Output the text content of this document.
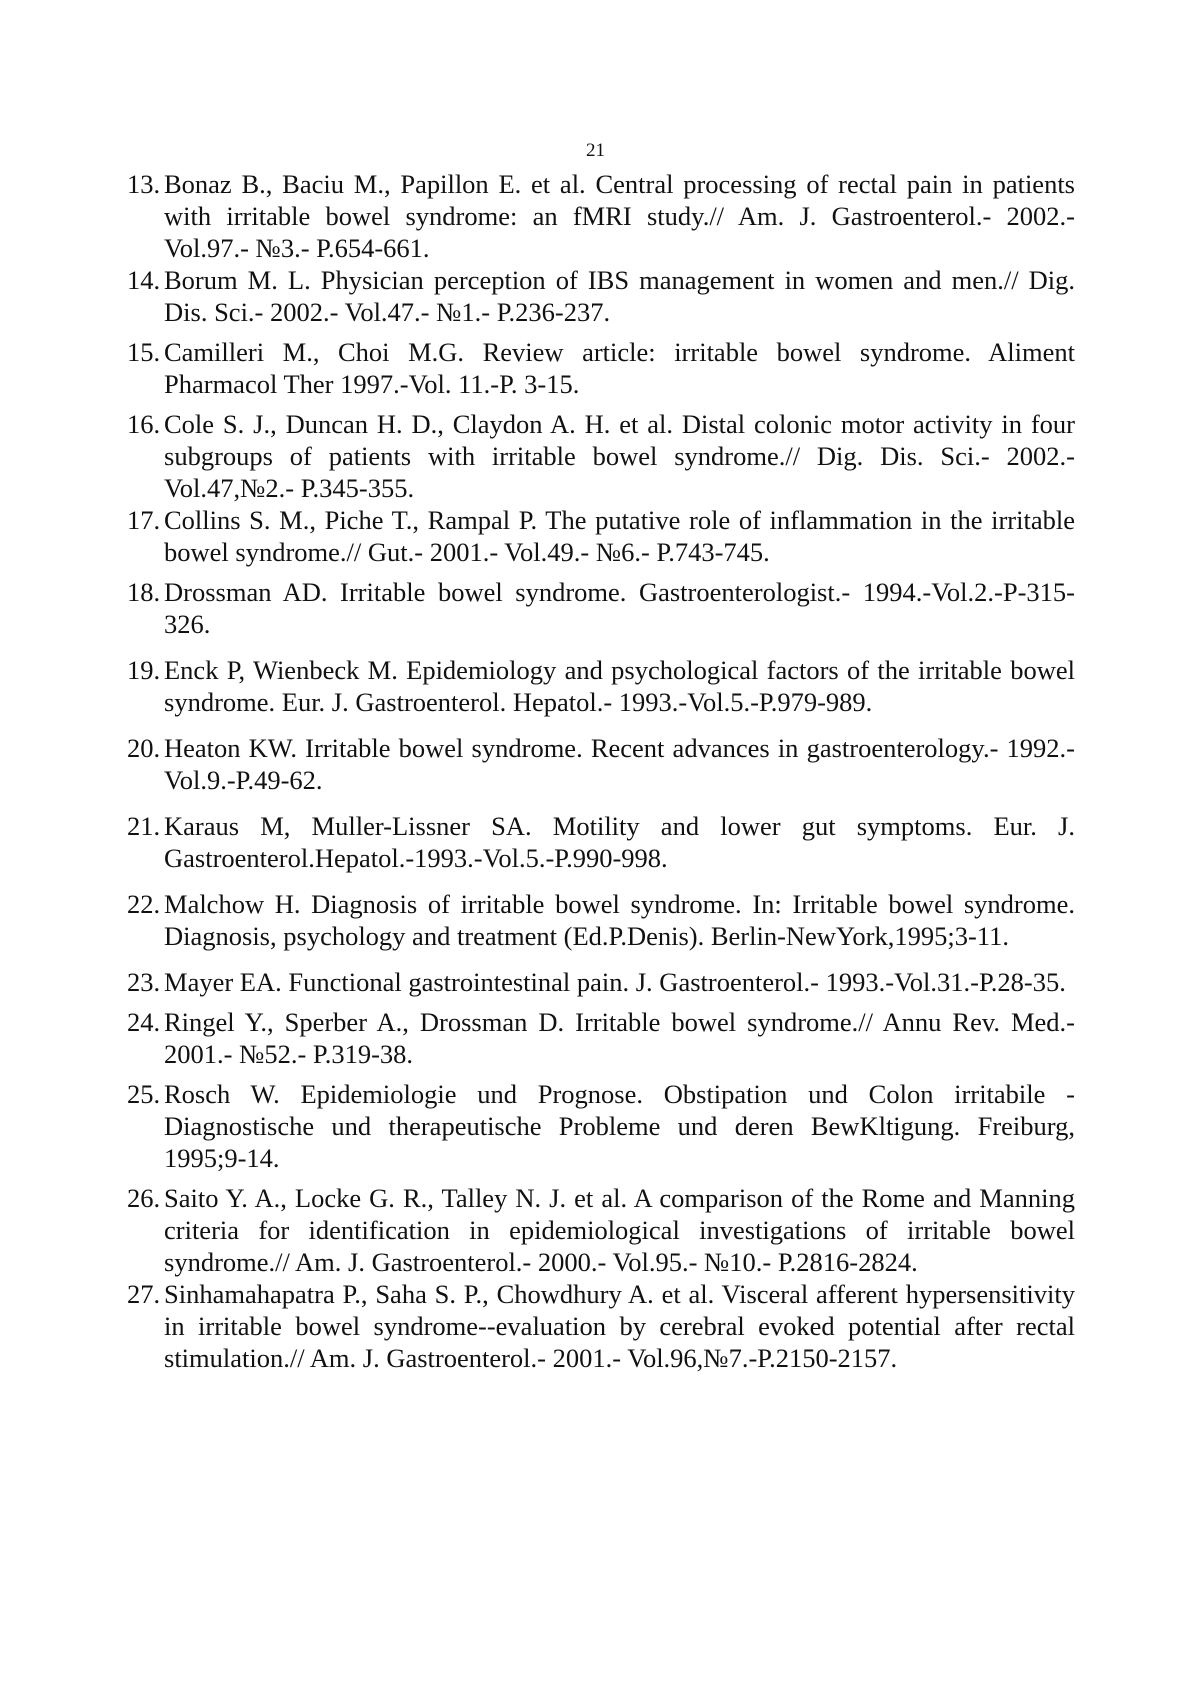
21
13. Bonaz B., Baciu M., Papillon E. et al. Central processing of rectal pain in patients with irritable bowel syndrome: an fMRI study.// Am. J. Gastroenterol.- 2002.- Vol.97.- №3.- P.654-661.
14. Borum M. L. Physician perception of IBS management in women and men.// Dig. Dis. Sci.- 2002.- Vol.47.- №1.- P.236-237.
15. Camilleri M., Choi M.G. Review article: irritable bowel syndrome. Aliment Pharmacol Ther 1997.-Vol. 11.-P. 3-15.
16. Cole S. J., Duncan H. D., Claydon A. H. et al. Distal colonic motor activity in four subgroups of patients with irritable bowel syndrome.// Dig. Dis. Sci.- 2002.- Vol.47,№2.- P.345-355.
17. Collins S. M., Piche T., Rampal P. The putative role of inflammation in the irritable bowel syndrome.// Gut.- 2001.- Vol.49.- №6.- P.743-745.
18. Drossman AD. Irritable bowel syndrome. Gastroenterologist.- 1994.-Vol.2.-P-315-326.
19. Enck P, Wienbeck M. Epidemiology and psychological factors of the irritable bowel syndrome. Eur. J. Gastroenterol. Hepatol.- 1993.-Vol.5.-P.979-989.
20. Heaton KW. Irritable bowel syndrome. Recent advances in gastroenterology.- 1992.-Vol.9.-P.49-62.
21. Karaus M, Muller-Lissner SA. Motility and lower gut symptoms. Eur. J. Gastroenterol.Hepatol.-1993.-Vol.5.-P.990-998.
22. Malchow H. Diagnosis of irritable bowel syndrome. In: Irritable bowel syndrome. Diagnosis, psychology and treatment (Ed.P.Denis). Berlin-NewYork,1995;3-11.
23. Mayer EA. Functional gastrointestinal pain. J. Gastroenterol.- 1993.-Vol.31.-P.28-35.
24. Ringel Y., Sperber A., Drossman D. Irritable bowel syndrome.// Annu Rev. Med.- 2001.- №52.- P.319-38.
25. Rosch W. Epidemiologie und Prognose. Obstipation und Colon irritabile - Diagnostische und therapeutische Probleme und deren BewKltigung. Freiburg, 1995;9-14.
26. Saito Y. A., Locke G. R., Talley N. J. et al. A comparison of the Rome and Manning criteria for identification in epidemiological investigations of irritable bowel syndrome.// Am. J. Gastroenterol.- 2000.- Vol.95.- №10.- P.2816-2824.
27. Sinhamahapatra P., Saha S. P., Chowdhury A. et al. Visceral afferent hypersensitivity in irritable bowel syndrome--evaluation by cerebral evoked potential after rectal stimulation.// Am. J. Gastroenterol.- 2001.- Vol.96,№7.-P.2150-2157.
